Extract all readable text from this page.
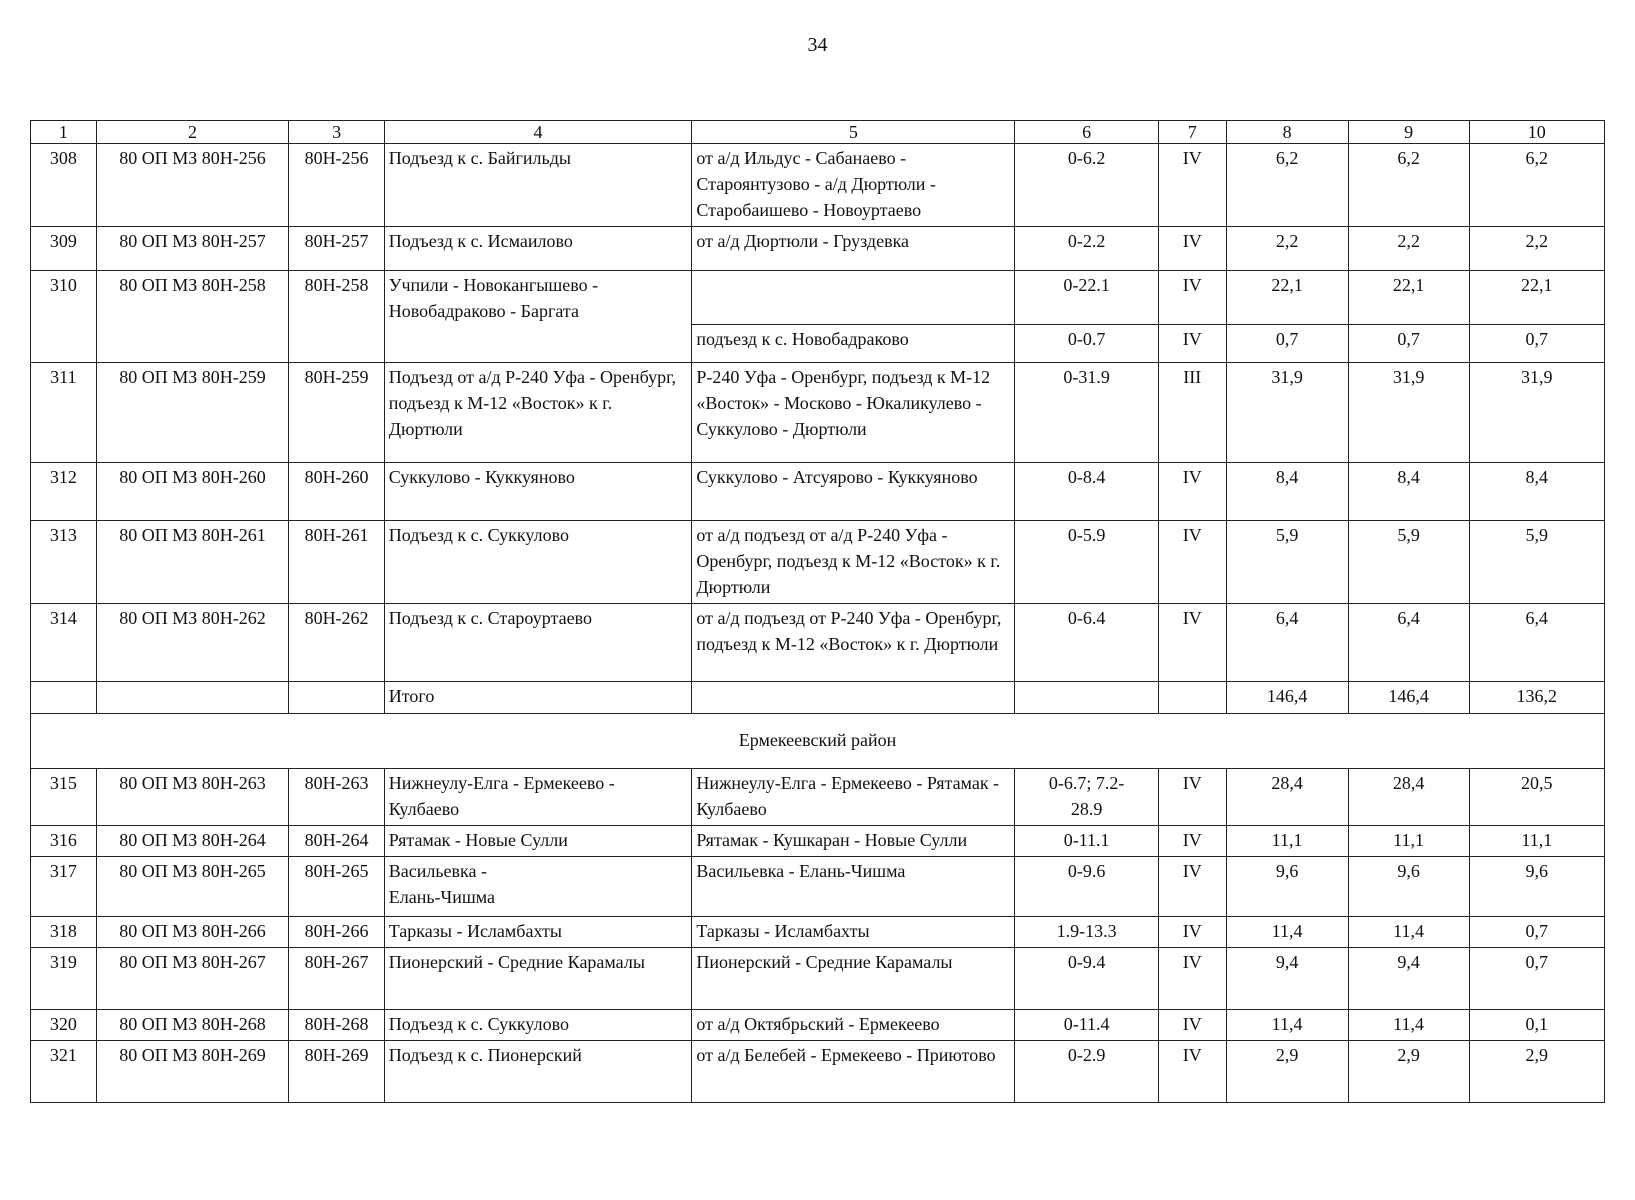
34
1	2	3	4	5	6	7	8	9	10
308	80 ОП МЗ 80Н-256	80Н-256	Подъезд к с. Байгильды	от а/д Ильдус - Сабанаево - Староянтузово - а/д Дюртюли - Старобаишево - Новоуртаево	0-6.2	IV	6,2	6,2	6,2
309	80 ОП МЗ 80Н-257	80Н-257	Подъезд к с. Исмаилово	от а/д Дюртюли - Груздевка	0-2.2	IV	2,2	2,2	2,2
310	80 ОП МЗ 80Н-258	80Н-258	Учпили - Новокангышево - Новобадраково - Баргата		0-22.1	IV	22,1	22,1	22,1
				подъезд к с. Новобадраково	0-0.7	IV	0,7	0,7	0,7
311	80 ОП МЗ 80Н-259	80Н-259	Подъезд от а/д Р-240 Уфа - Оренбург, подъезд к М-12 «Восток» к г. Дюртюли	Р-240 Уфа - Оренбург, подъезд к М-12 «Восток» - Москово - Юкаликулево - Суккулово - Дюртюли	0-31.9	III	31,9	31,9	31,9
312	80 ОП МЗ 80Н-260	80Н-260	Суккулово - Куккуяново	Суккулово - Атсуярово - Куккуяново	0-8.4	IV	8,4	8,4	8,4
313	80 ОП МЗ 80Н-261	80Н-261	Подъезд к с. Суккулово	от а/д подъезд от а/д Р-240 Уфа - Оренбург, подъезд к М-12 «Восток» к г. Дюртюли	0-5.9	IV	5,9	5,9	5,9
314	80 ОП МЗ 80Н-262	80Н-262	Подъезд к с. Староуртаево	от а/д подъезд от Р-240 Уфа - Оренбург, подъезд к М-12 «Восток» к г. Дюртюли	0-6.4	IV	6,4	6,4	6,4
			Итого				146,4	146,4	136,2
Ермекеевский район									
315	80 ОП МЗ 80Н-263	80Н-263	Нижнеулу-Елга - Ермекеево - Кулбаево	Нижнеулу-Елга - Ермекеево - Рятамак - Кулбаево	0-6.7; 7.2-28.9	IV	28,4	28,4	20,5
316	80 ОП МЗ 80Н-264	80Н-264	Рятамак - Новые Сулли	Рятамак - Кушкаран - Новые Сулли	0-11.1	IV	11,1	11,1	11,1
317	80 ОП МЗ 80Н-265	80Н-265	Васильевка - Елань-Чишма	Васильевка - Елань-Чишма	0-9.6	IV	9,6	9,6	9,6
318	80 ОП МЗ 80Н-266	80Н-266	Тарказы - Исламбахты	Тарказы - Исламбахты	1.9-13.3	IV	11,4	11,4	0,7
319	80 ОП МЗ 80Н-267	80Н-267	Пионерский - Средние Карамалы	Пионерский - Средние Карамалы	0-9.4	IV	9,4	9,4	0,7
320	80 ОП МЗ 80Н-268	80Н-268	Подъезд к с. Суккулово	от а/д Октябрьский - Ермекеево	0-11.4	IV	11,4	11,4	0,1
321	80 ОП МЗ 80Н-269	80Н-269	Подъезд к с. Пионерский	от а/д Белебей - Ермекеево - Приютово	0-2.9	IV	2,9	2,9	2,9
